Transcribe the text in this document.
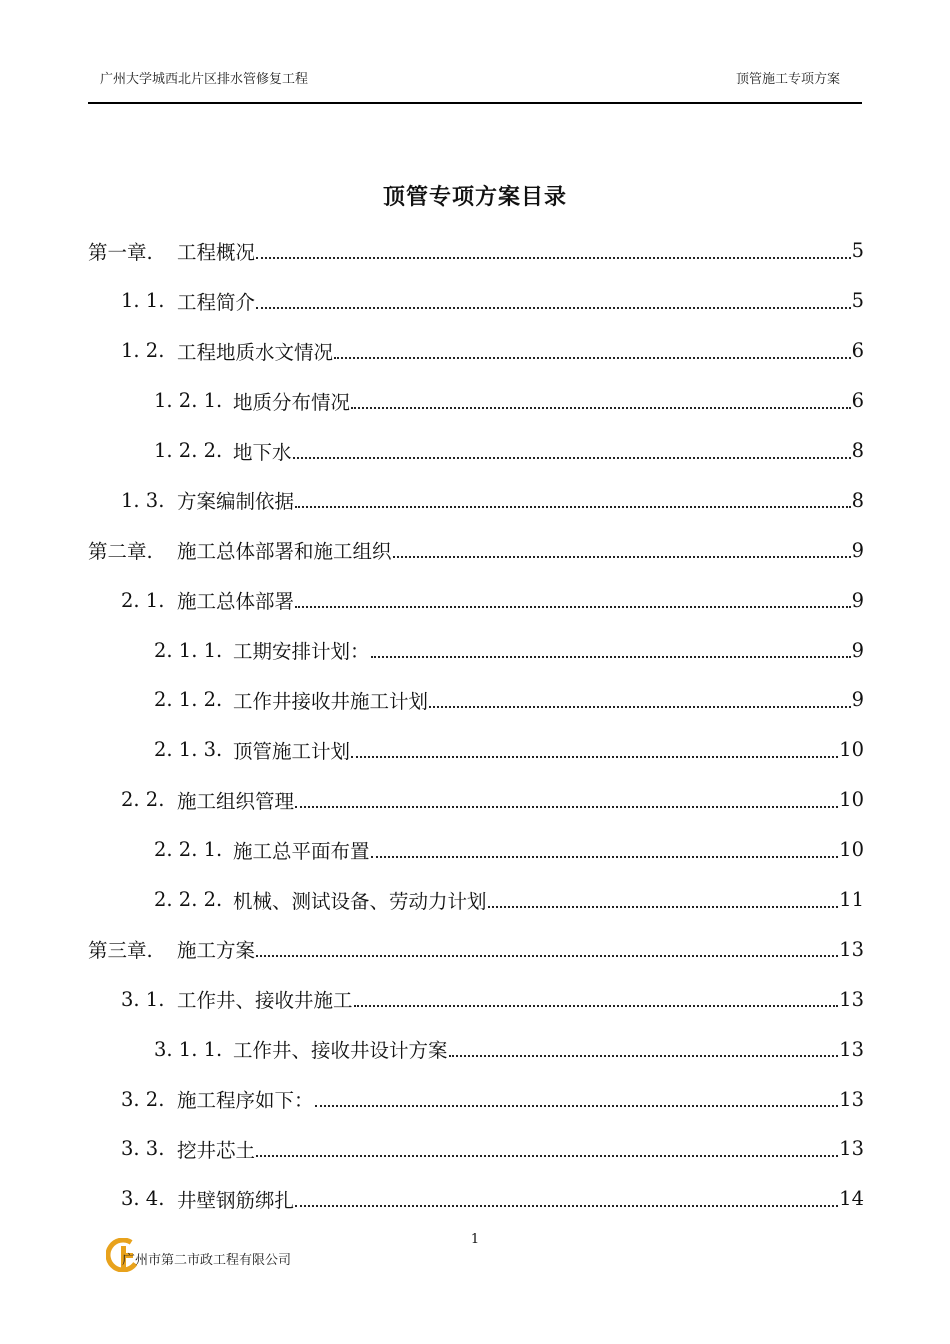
广州大学城西北片区排水管修复工程	顶管施工专项方案
顶管专项方案目录
第一章.	工程概况	5
1. 1. 工程简介	5
1. 2. 工程地质水文情况	6
1. 2. 1. 地质分布情况	6
1. 2. 2. 地下水	8
1. 3. 方案编制依据	8
第二章.	施工总体部署和施工组织	9
2. 1. 施工总体部署	9
2. 1. 1. 工期安排计划：	9
2. 1. 2. 工作井接收井施工计划	9
2. 1. 3. 顶管施工计划	10
2. 2. 施工组织管理	10
2. 2. 1. 施工总平面布置	10
2. 2. 2. 机械、测试设备、劳动力计划	11
第三章.	施工方案	13
3. 1. 工作井、接收井施工	13
3. 1. 1. 工作井、接收井设计方案	13
3. 2. 施工程序如下：	13
3. 3. 挖井芯土	13
3. 4. 井壁钢筋绑扎	14

1

广州市第二市政工程有限公司
